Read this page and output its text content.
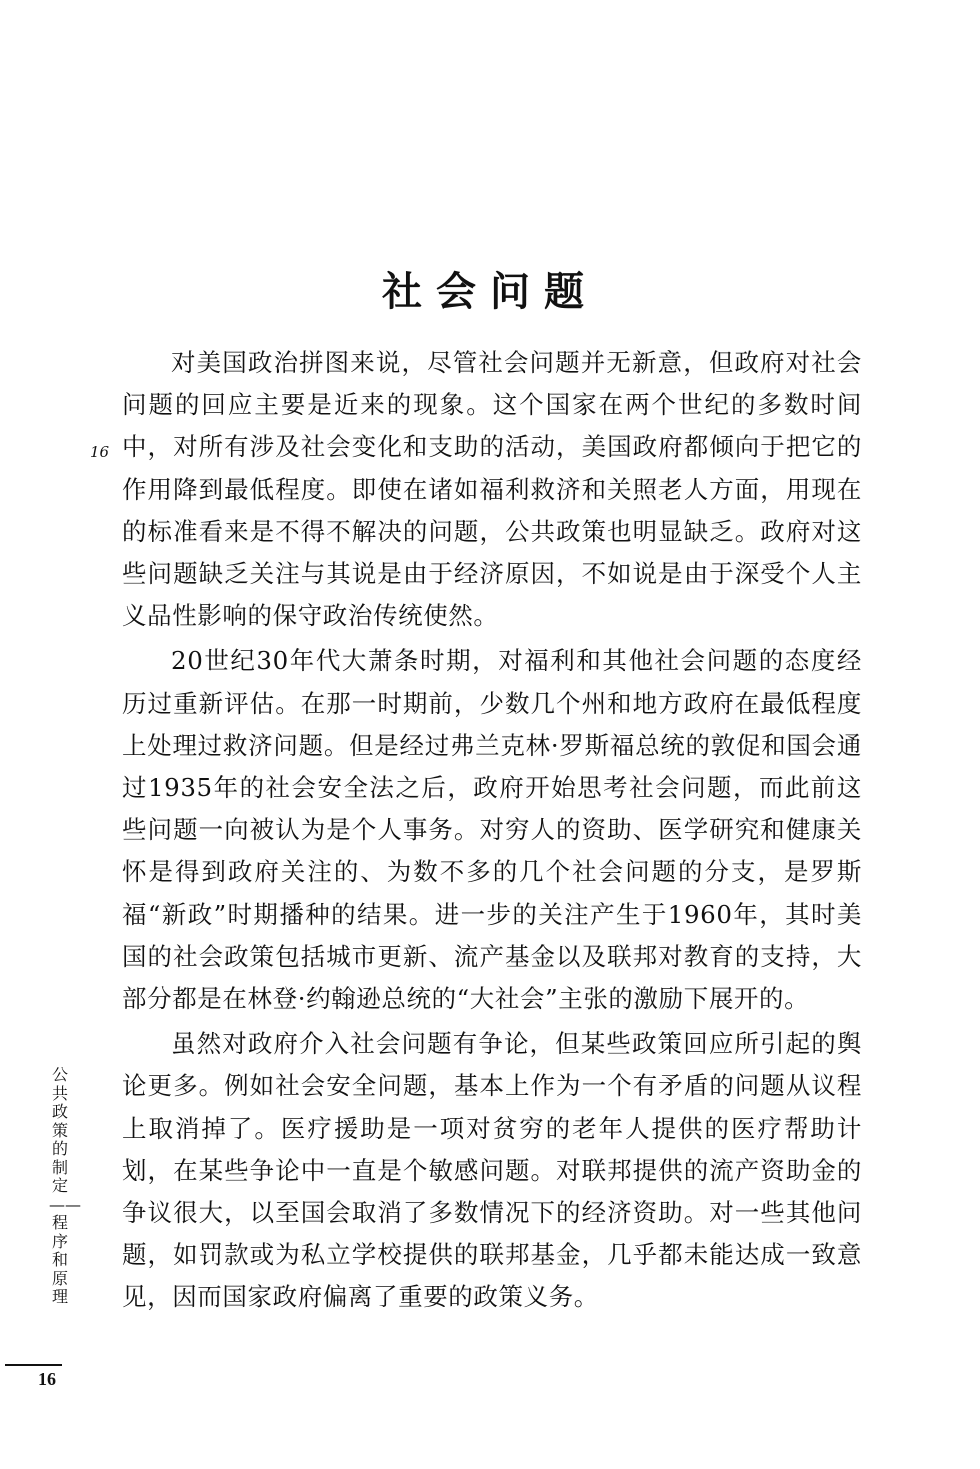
社会问题
16

对美国政治拼图来说，尽管社会问题并无新意，但政府对社会问题的回应主要是近来的现象。这个国家在两个世纪的多数时间中，对所有涉及社会变化和支助的活动，美国政府都倾向于把它的作用降到最低程度。即使在诸如福利救济和关照老人方面，用现在的标准看来是不得不解决的问题，公共政策也明显缺乏。政府对这些问题缺乏关注与其说是由于经济原因，不如说是由于深受个人主义品性影响的保守政治传统使然。

20世纪30年代大萧条时期，对福利和其他社会问题的态度经历过重新评估。在那一时期前，少数几个州和地方政府在最低程度上处理过救济问题。但是经过弗兰克林·罗斯福总统的敦促和国会通过1935年的社会安全法之后，政府开始思考社会问题，而此前这些问题一向被认为是个人事务。对穷人的资助、医学研究和健康关怀是得到政府关注的、为数不多的几个社会问题的分支，是罗斯福“新政”时期播种的结果。进一步的关注产生于1960年，其时美国的社会政策包括城市更新、流产基金以及联邦对教育的支持，大部分都是在林登·约翰逊总统的“大社会”主张的激励下展开的。

虽然对政府介入社会问题有争论，但某些政策回应所引起的舆论更多。例如社会安全问题，基本上作为一个有矛盾的问题从议程上取消掉了。医疗援助是一项对贫穷的老年人提供的医疗帮助计划，在某些争论中一直是个敏感问题。对联邦提供的流产资助金的争议很大，以至国会取消了多数情况下的经济资助。对一些其他问题，如罚款或为私立学校提供的联邦基金，几乎都未能达成一致意见，因而国家政府偏离了重要的政策义务。

公共政策的制定——程序和原理
16
